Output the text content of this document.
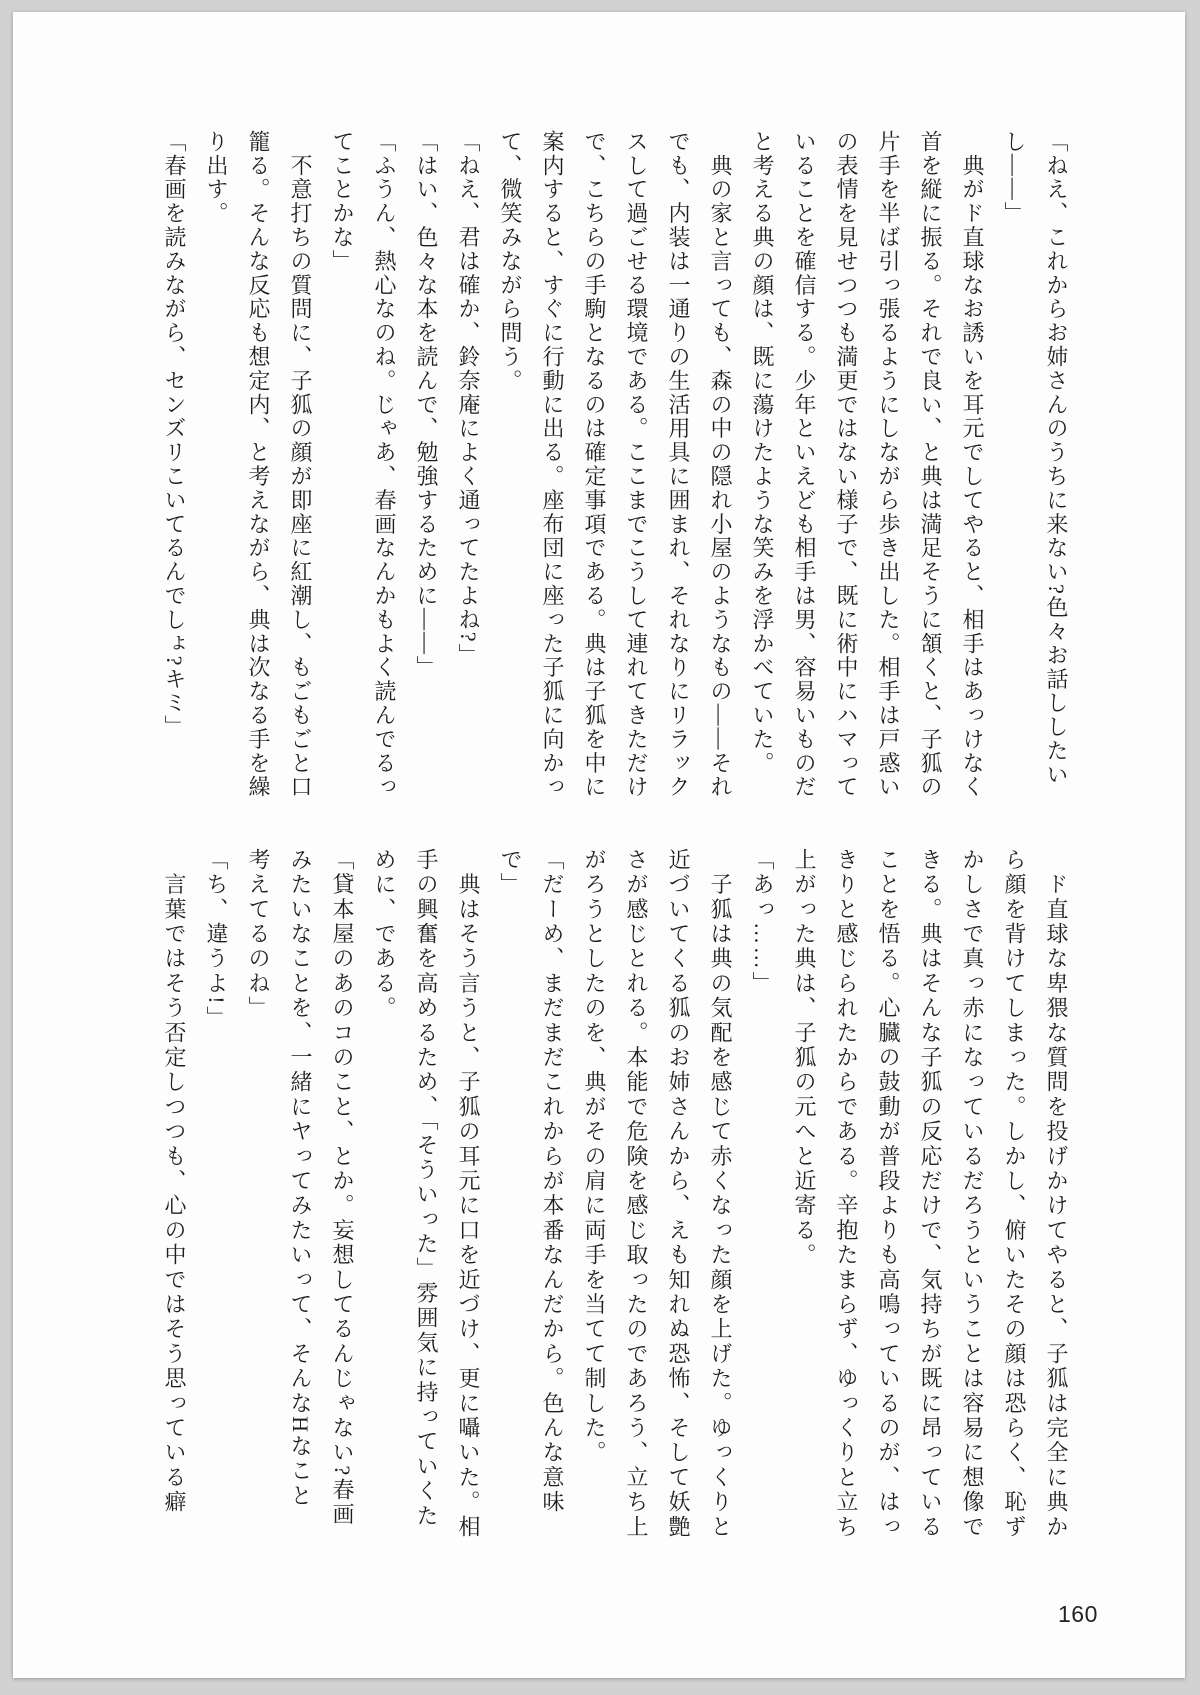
「ねえ、これからお姉さんのうちに来ない?色々お話ししたい

し――」

　典がド直球なお誘いを耳元でしてやると、相手はあっけなく

首を縦に振る。それで良い、と典は満足そうに頷くと、子狐の

片手を半ば引っ張るようにしながら歩き出した。相手は戸惑い

の表情を見せつつも満更ではない様子で、既に術中にハマって

いることを確信する。少年といえども相手は男、容易いものだ

と考える典の顔は、既に蕩けたような笑みを浮かべていた。

　典の家と言っても、森の中の隠れ小屋のようなもの――それ

でも、内装は一通りの生活用具に囲まれ、それなりにリラック

スして過ごせる環境である。ここまでこうして連れてきただけ

で、こちらの手駒となるのは確定事項である。典は子狐を中に

案内すると、すぐに行動に出る。座布団に座った子狐に向かっ

て、微笑みながら問う。

「ねえ、君は確か、鈴奈庵によく通ってたよね?」

「はい、色々な本を読んで、勉強するために――」

「ふうん、熱心なのね。じゃあ、春画なんかもよく読んでるっ

てことかな」

　不意打ちの質問に、子狐の顔が即座に紅潮し、もごもごと口

籠る。そんな反応も想定内、と考えながら、典は次なる手を繰

り出す。

「春画を読みながら、センズリこいてるんでしょ?キミ」

　ド直球な卑猥な質問を投げかけてやると、子狐は完全に典か

ら顔を背けてしまった。しかし、俯いたその顔は恐らく、恥ず

かしさで真っ赤になっているだろうということは容易に想像で

きる。典はそんな子狐の反応だけで、気持ちが既に昂っている

ことを悟る。心臓の鼓動が普段よりも高鳴っているのが、はっ

きりと感じられたからである。辛抱たまらず、ゆっくりと立ち

上がった典は、子狐の元へと近寄る。

「あっ……」

　子狐は典の気配を感じて赤くなった顔を上げた。ゆっくりと

近づいてくる狐のお姉さんから、えも知れぬ恐怖、そして妖艶

さが感じとれる。本能で危険を感じ取ったのであろう、立ち上

がろうとしたのを、典がその肩に両手を当てて制した。

「だーめ、まだまだこれからが本番なんだから。色んな意味

で」

　典はそう言うと、子狐の耳元に口を近づけ、更に囁いた。相

手の興奮を高めるため、「そういった」雰囲気に持っていくた

めに、である。

「貸本屋のあのコのこと、とか。妄想してるんじゃない?春画

みたいなことを、一緒にヤってみたいって、そんなHなこと

考えてるのね」

「ち、違うよ!」

　言葉ではそう否定しつつも、心の中ではそう思っている癖

160
